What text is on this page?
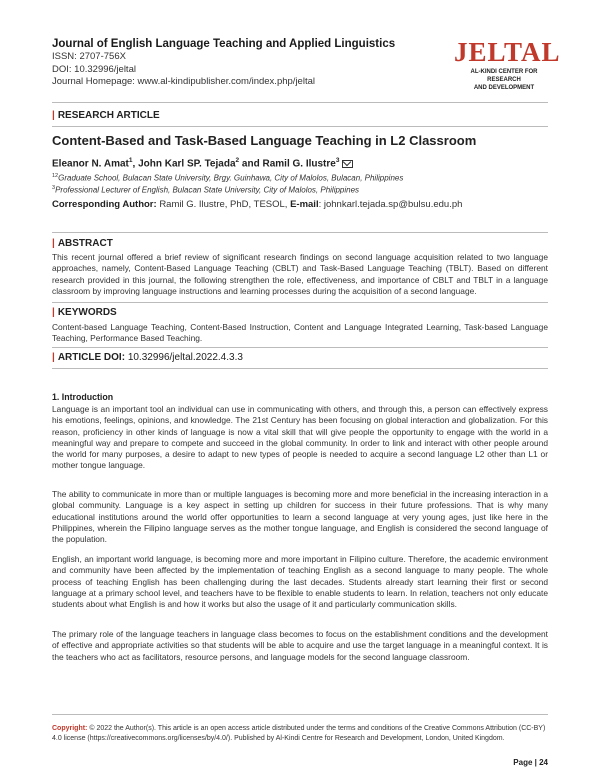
Journal of English Language Teaching and Applied Linguistics
ISSN: 2707-756X
DOI: 10.32996/jeltal
Journal Homepage: www.al-kindipublisher.com/index.php/jeltal
JELTAL
AL-KINDI CENTER FOR RESEARCH
AND DEVELOPMENT
| RESEARCH ARTICLE
Content-Based and Task-Based Language Teaching in L2 Classroom
Eleanor N. Amat$^1$, John Karl SP. Tejada$^2$ and Ramil G. Ilustre$^3$
$^{12}$Graduate School, Bulacan State University, Brgy. Guinhawa, City of Malolos, Bulacan, Philippines
$^3$Professional Lecturer of English, Bulacan State University, City of Malolos, Philippines
Corresponding Author: Ramil G. Ilustre, PhD, TESOL, E-mail: johnkarl.tejada.sp@bulsu.edu.ph
| ABSTRACT
This recent journal offered a brief review of significant research findings on second language acquisition related to two language approaches, namely, Content-Based Language Teaching (CBLT) and Task-Based Language Teaching (TBLT). Based on different research provided in this journal, the following strengthen the role, effectiveness, and importance of CBLT and TBLT in a language classroom by improving language instructions and learning processes during the acquisition of a second language.
| KEYWORDS
Content-based Language Teaching, Content-Based Instruction, Content and Language Integrated Learning, Task-based Language Teaching, Performance Based Teaching.
| ARTICLE DOI: 10.32996/jeltal.2022.4.3.3
1. Introduction
Language is an important tool an individual can use in communicating with others, and through this, a person can effectively express his emotions, feelings, opinions, and knowledge. The 21st Century has been focusing on global interaction and globalization. For this reason, proficiency in other kinds of language is now a vital skill that will give people the opportunity to engage with the world in a meaningful way and prepare to compete and succeed in the global community. In order to link and interact with other people around the world for many purposes, a desire to adapt to new types of people is needed to acquire a second language L2 other than L1 or mother tongue language.
The ability to communicate in more than or multiple languages is becoming more and more beneficial in the increasing interaction in a global community. Language is a key aspect in setting up children for success in their future professions. That is why many educational institutions around the world offer opportunities to learn a second language at very young ages, just like here in the Philippines, wherein the Filipino language serves as the mother tongue language, and English is considered the second language of the population.
English, an important world language, is becoming more and more important in Filipino culture. Therefore, the academic environment and community have been affected by the implementation of teaching English as a second language to many people. The whole process of teaching English has been challenging during the last decades. Students already start learning their first or second language at a primary school level, and teachers have to be flexible to enable students to learn. In relation, teachers not only educate students about what English is and how it works but also the usage of it and particularly communication skills.
The primary role of the language teachers in language class becomes to focus on the establishment conditions and the development of effective and appropriate activities so that students will be able to acquire and use the target language in a meaningful context. It is the teachers who act as facilitators, resource persons, and language models for the second language classroom.
Copyright: © 2022 the Author(s). This article is an open access article distributed under the terms and conditions of the Creative Commons Attribution (CC-BY) 4.0 license (https://creativecommons.org/licenses/by/4.0/). Published by Al-Kindi Centre for Research and Development, London, United Kingdom.
Page | 24
